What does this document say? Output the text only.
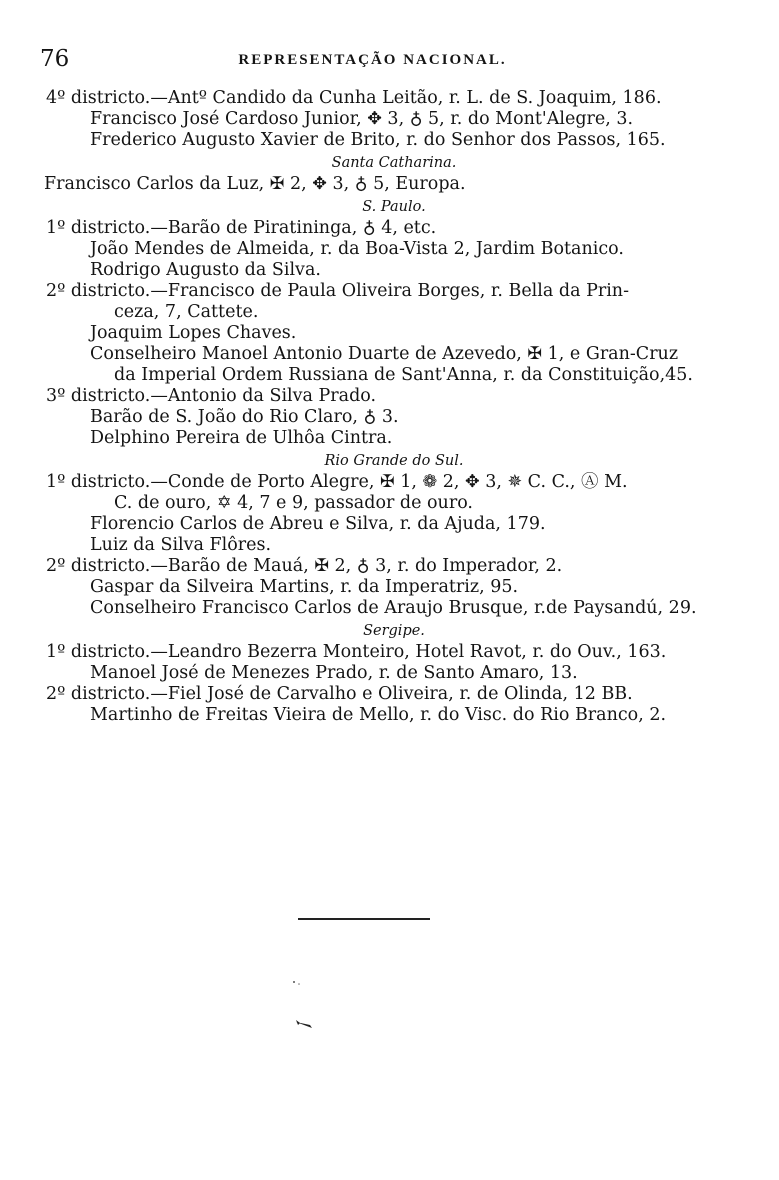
76	REPRESENTAÇÃO NACIONAL.
4º districto.—Antº Candido da Cunha Leitão, r. L. de S. Joaquim, 186.
Francisco José Cardoso Junior, ✥ 3, ♁ 5, r. do Mont'Alegre, 3.
Frederico Augusto Xavier de Brito, r. do Senhor dos Passos, 165.
Santa Catharina.
Francisco Carlos da Luz, ✠ 2, ✥ 3, ♁ 5, Europa.
S. Paulo.
1º districto.—Barão de Piratininga, ♁ 4, etc.
João Mendes de Almeida, r. da Boa-Vista 2, Jardim Botanico.
Rodrigo Augusto da Silva.
2º districto.—Francisco de Paula Oliveira Borges, r. Bella da Prin-
ceza, 7, Cattete.
Joaquim Lopes Chaves.
Conselheiro Manoel Antonio Duarte de Azevedo, ✠ 1, e Gran-Cruz
da Imperial Ordem Russiana de Sant'Anna, r. da Constituição,45.
3º districto.—Antonio da Silva Prado.
Barão de S. João do Rio Claro, ♁ 3.
Delphino Pereira de Ulhôa Cintra.
Rio Grande do Sul.
1º districto.—Conde de Porto Alegre, ✠ 1, ❁ 2, ✥ 3, ✵ C. C., Ⓐ M.
C. de ouro, ✡ 4, 7 e 9, passador de ouro.
Florencio Carlos de Abreu e Silva, r. da Ajuda, 179.
Luiz da Silva Flôres.
2º districto.—Barão de Mauá, ✠ 2, ♁ 3, r. do Imperador, 2.
Gaspar da Silveira Martins, r. da Imperatriz, 95.
Conselheiro Francisco Carlos de Araujo Brusque, r.de Paysandú, 29.
Sergipe.
1º districto.—Leandro Bezerra Monteiro, Hotel Ravot, r. do Ouv., 163.
Manoel José de Menezes Prado, r. de Santo Amaro, 13.
2º districto.—Fiel José de Carvalho e Oliveira, r. de Olinda, 12 BB.
Martinho de Freitas Vieira de Mello, r. do Visc. do Rio Branco, 2.
